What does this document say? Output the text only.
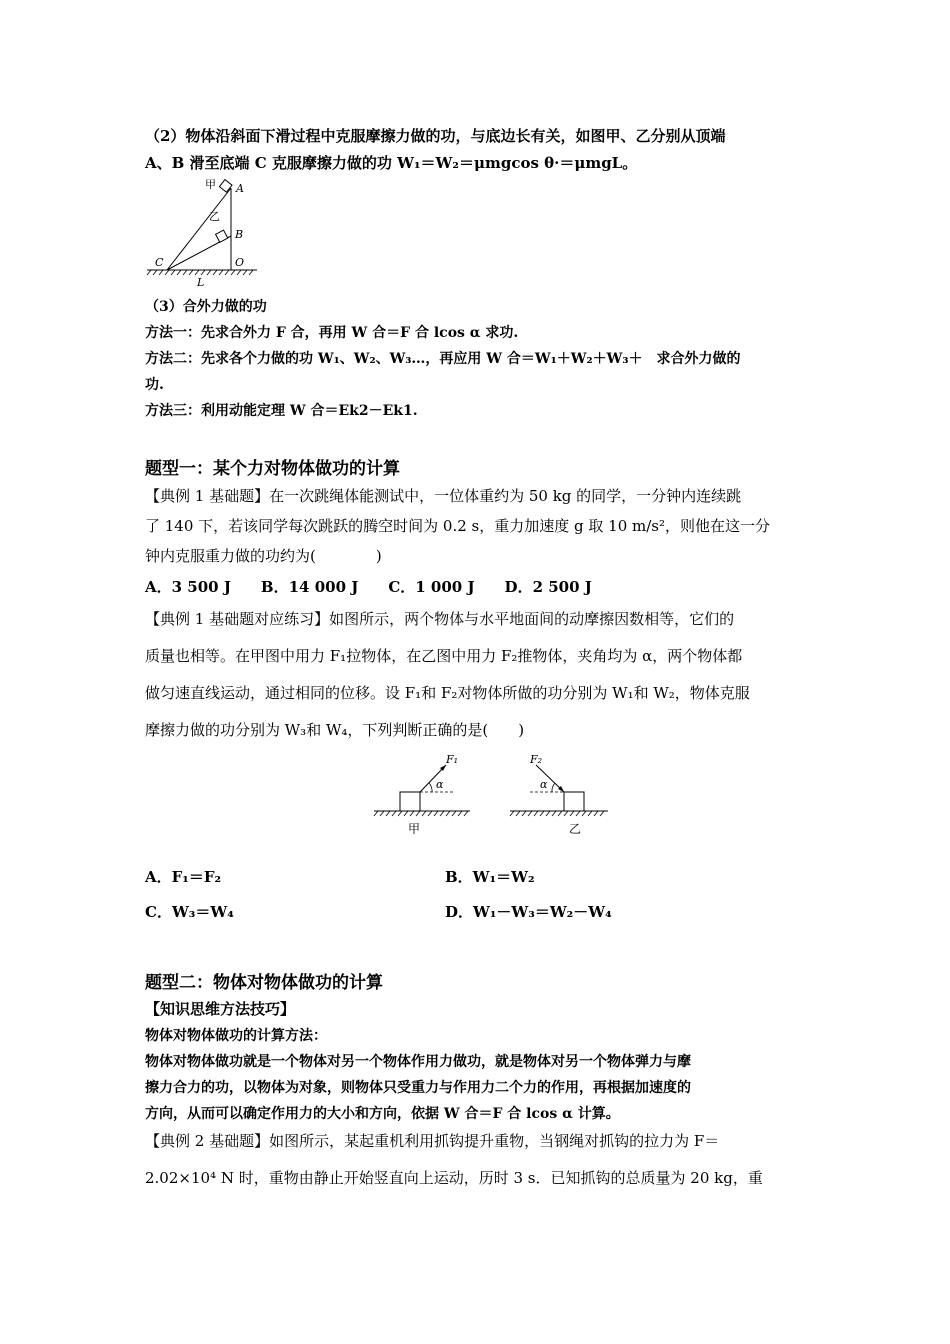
（2）物体沿斜面下滑过程中克服摩擦力做的功，与底边长有关，如图甲、乙分别从顶端
A、B 滑至底端 C 克服摩擦力做的功 W₁＝W₂＝μmgcos θ·＝μmgL。
甲 A
乙
B
C	O
L
（3）合外力做的功
方法一：先求合外力 F 合，再用 W 合＝F 合 lcos α 求功.
方法二：先求各个力做的功 W₁、W₂、W₃…，再应用 W 合＝W₁＋W₂＋W₃＋　求合外力做的
功.
方法三：利用动能定理 W 合＝Ek2－Ek1.
题型一：某个力对物体做功的计算
【典例 1 基础题】在一次跳绳体能测试中，一位体重约为 50 kg 的同学，一分钟内连续跳
了 140 下，若该同学每次跳跃的腾空时间为 0.2 s，重力加速度 g 取 10 m/s²，则他在这一分
钟内克服重力做的功约为(　　　　)
A．3 500 J　　B．14 000 J　　C．1 000 J　　D．2 500 J
【典例 1 基础题对应练习】如图所示，两个物体与水平地面间的动摩擦因数相等，它们的
质量也相等。在甲图中用力 F₁拉物体，在乙图中用力 F₂推物体，夹角均为 α，两个物体都
做匀速直线运动，通过相同的位移。设 F₁和 F₂对物体所做的功分别为 W₁和 W₂，物体克服
摩擦力做的功分别为 W₃和 W₄，下列判断正确的是(　　)
α
F₁
甲
α
F₂
乙
A．F₁＝F₂	B．W₁＝W₂
C．W₃＝W₄	D．W₁－W₃＝W₂－W₄
题型二：物体对物体做功的计算
【知识思维方法技巧】
物体对物体做功的计算方法：
物体对物体做功就是一个物体对另一个物体作用力做功，就是物体对另一个物体弹力与摩
擦力合力的功，以物体为对象，则物体只受重力与作用力二个力的作用，再根据加速度的
方向，从而可以确定作用力的大小和方向，依据 W 合＝F 合 lcos α 计算。
【典例 2 基础题】如图所示，某起重机利用抓钩提升重物，当钢绳对抓钩的拉力为 F＝
2.02×10⁴ N 时，重物由静止开始竖直向上运动，历时 3 s．已知抓钩的总质量为 20 kg，重
